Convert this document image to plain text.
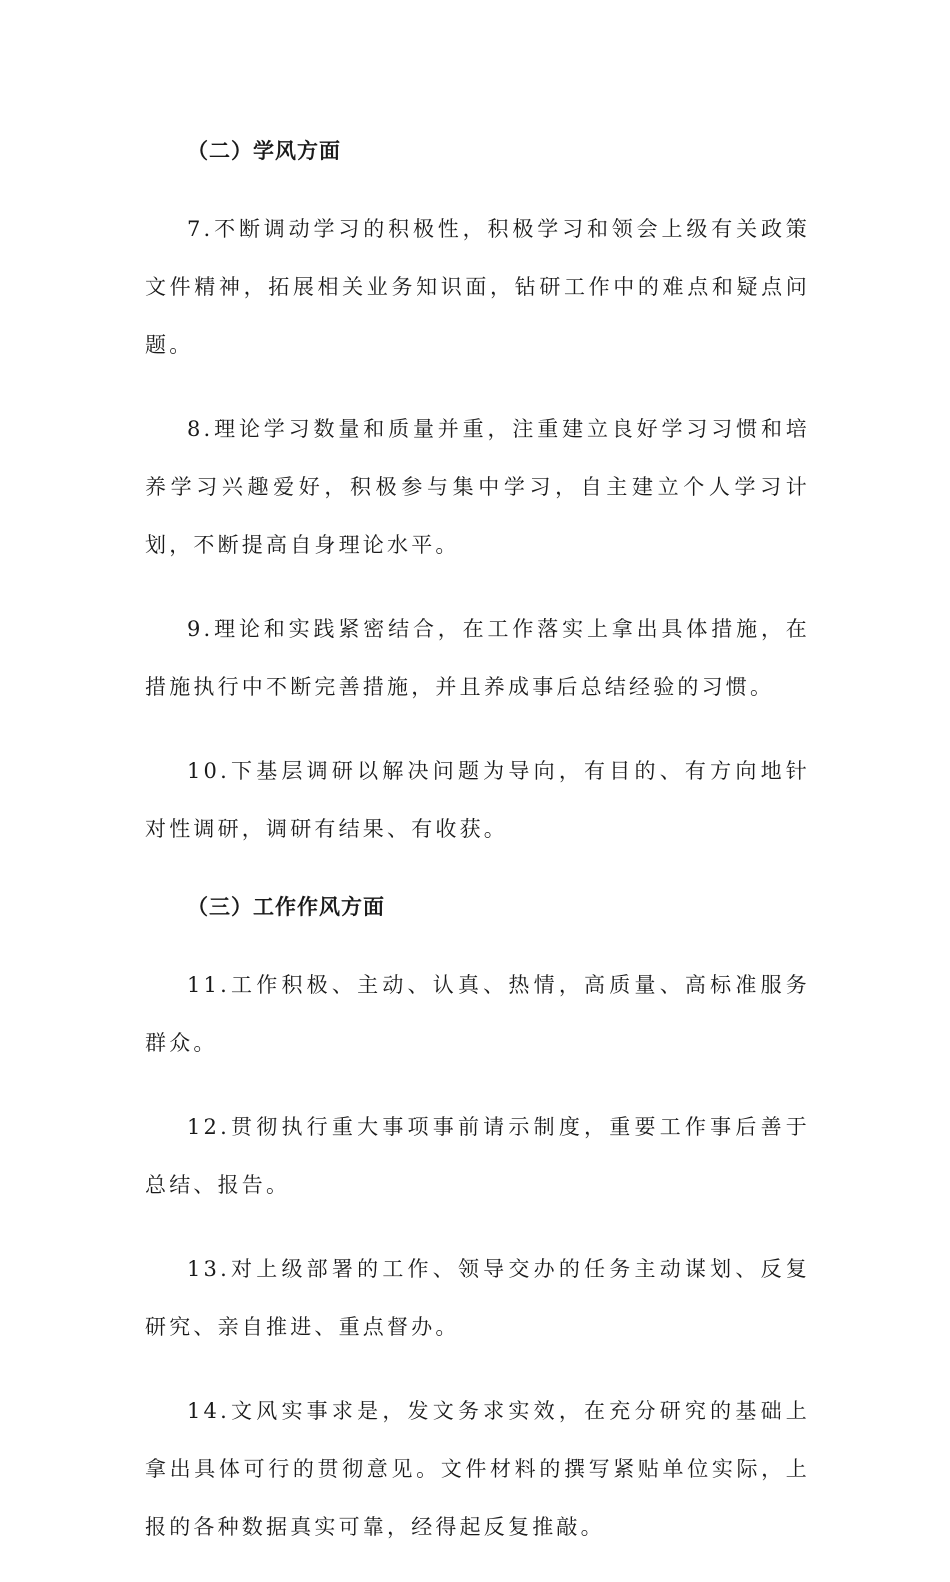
（二）学风方面

7.不断调动学习的积极性，积极学习和领会上级有关政策文件精神，拓展相关业务知识面，钻研工作中的难点和疑点问题。

8.理论学习数量和质量并重，注重建立良好学习习惯和培养学习兴趣爱好，积极参与集中学习，自主建立个人学习计划，不断提高自身理论水平。

9.理论和实践紧密结合，在工作落实上拿出具体措施，在措施执行中不断完善措施，并且养成事后总结经验的习惯。

10.下基层调研以解决问题为导向，有目的、有方向地针对性调研，调研有结果、有收获。

（三）工作作风方面

11.工作积极、主动、认真、热情，高质量、高标准服务群众。

12.贯彻执行重大事项事前请示制度，重要工作事后善于总结、报告。

13.对上级部署的工作、领导交办的任务主动谋划、反复研究、亲自推进、重点督办。

14.文风实事求是，发文务求实效，在充分研究的基础上拿出具体可行的贯彻意见。文件材料的撰写紧贴单位实际，上报的各种数据真实可靠，经得起反复推敲。
